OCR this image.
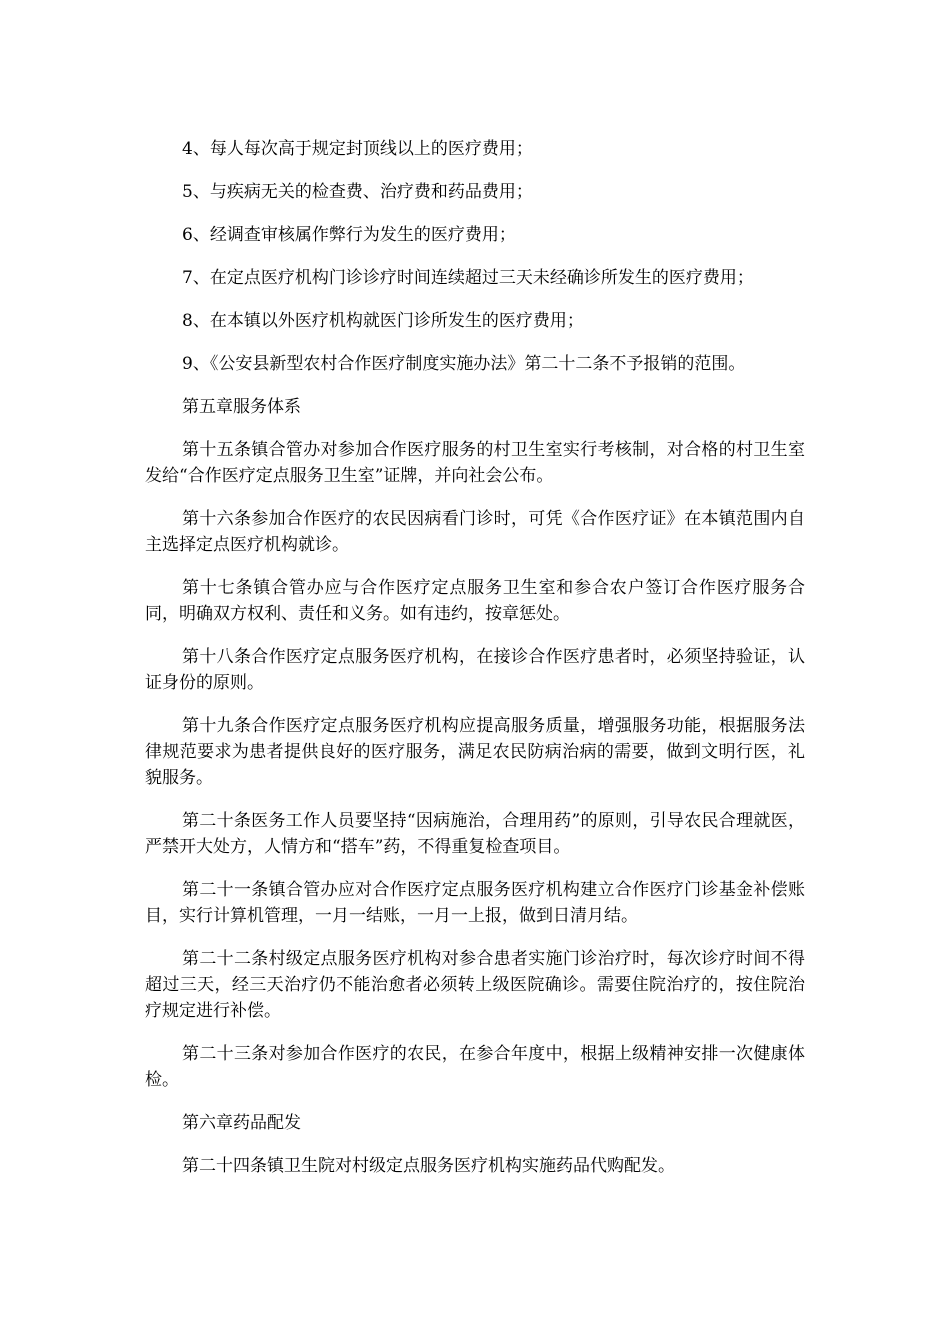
4、每人每次高于规定封顶线以上的医疗费用；

5、与疾病无关的检查费、治疗费和药品费用；

6、经调查审核属作弊行为发生的医疗费用；

7、在定点医疗机构门诊诊疗时间连续超过三天未经确诊所发生的医疗费用；

8、在本镇以外医疗机构就医门诊所发生的医疗费用；

9、《公安县新型农村合作医疗制度实施办法》第二十二条不予报销的范围。

第五章服务体系

第十五条镇合管办对参加合作医疗服务的村卫生室实行考核制，对合格的村卫生室发给“合作医疗定点服务卫生室”证牌，并向社会公布。

第十六条参加合作医疗的农民因病看门诊时，可凭《合作医疗证》在本镇范围内自主选择定点医疗机构就诊。

第十七条镇合管办应与合作医疗定点服务卫生室和参合农户签订合作医疗服务合同，明确双方权利、责任和义务。如有违约，按章惩处。

第十八条合作医疗定点服务医疗机构，在接诊合作医疗患者时，必须坚持验证，认证身份的原则。

第十九条合作医疗定点服务医疗机构应提高服务质量，增强服务功能，根据服务法律规范要求为患者提供良好的医疗服务，满足农民防病治病的需要，做到文明行医，礼貌服务。

第二十条医务工作人员要坚持“因病施治，合理用药”的原则，引导农民合理就医，严禁开大处方，人情方和“搭车”药，不得重复检查项目。

第二十一条镇合管办应对合作医疗定点服务医疗机构建立合作医疗门诊基金补偿账目，实行计算机管理，一月一结账，一月一上报，做到日清月结。

第二十二条村级定点服务医疗机构对参合患者实施门诊治疗时，每次诊疗时间不得超过三天，经三天治疗仍不能治愈者必须转上级医院确诊。需要住院治疗的，按住院治疗规定进行补偿。

第二十三条对参加合作医疗的农民，在参合年度中，根据上级精神安排一次健康体检。

第六章药品配发

第二十四条镇卫生院对村级定点服务医疗机构实施药品代购配发。
